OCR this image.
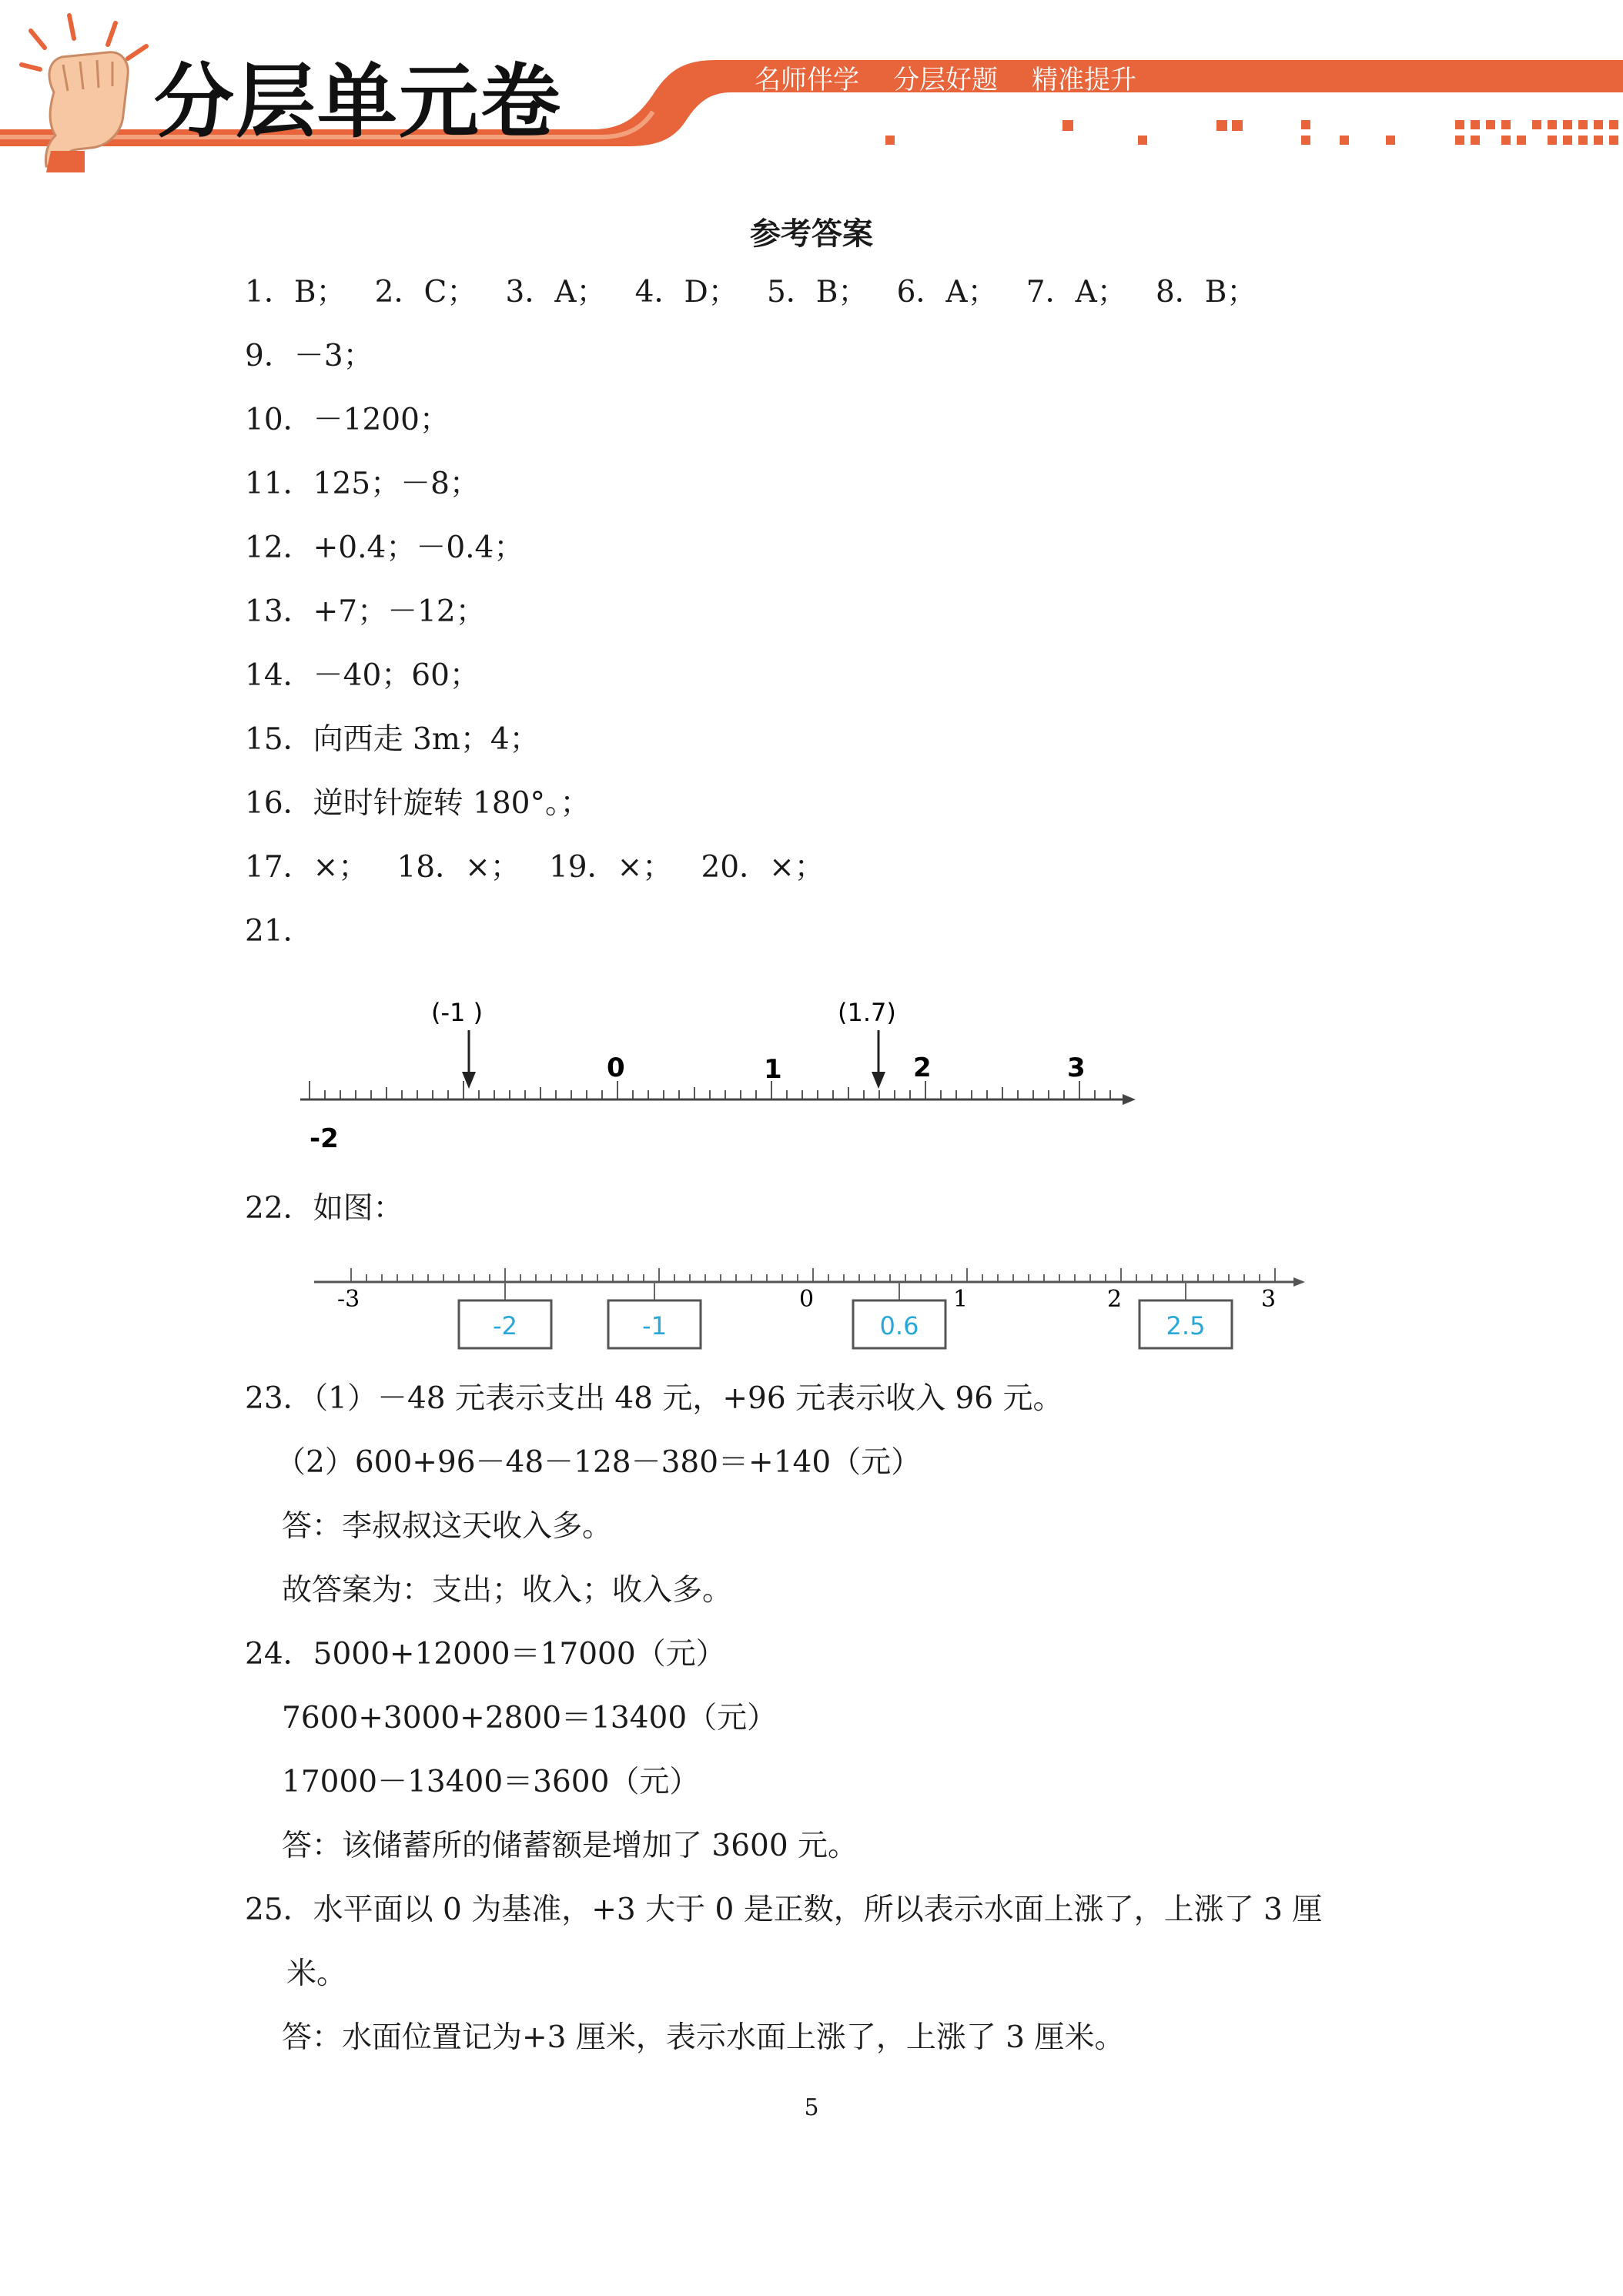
分层单元卷	名师伴学 分层好题 精准提升
参考答案
1．B；   2．C；   3．A；   4．D；   5．B；   6．A；   7．A；   8．B；
9．－3；
10．－1200；
11．125；－8；
12．+0.4；－0.4；
13．+7；－12；
14．－40；60；
15．向西走 3m；4；
16．逆时针旋转 180°。；
17．×；   18．×；   19．×；   20．×；
21．
-2
0	1	2	3
(-1 )	(1.7)
22．如图：
-3	0	1	2	3
-2	-1	0.6	2.5
23．（1）－48 元表示支出 48 元，+96 元表示收入 96 元。
（2）600+96－48－128－380＝+140（元）
答：李叔叔这天收入多。
故答案为：支出；收入；收入多。
24．5000+12000＝17000（元）
7600+3000+2800＝13400（元）
17000－13400＝3600（元）
答：该储蓄所的储蓄额是增加了 3600 元。
25．水平面以 0 为基准，+3 大于 0 是正数，所以表示水面上涨了，上涨了 3 厘
米。
答：水面位置记为+3 厘米，表示水面上涨了，上涨了 3 厘米。
5
